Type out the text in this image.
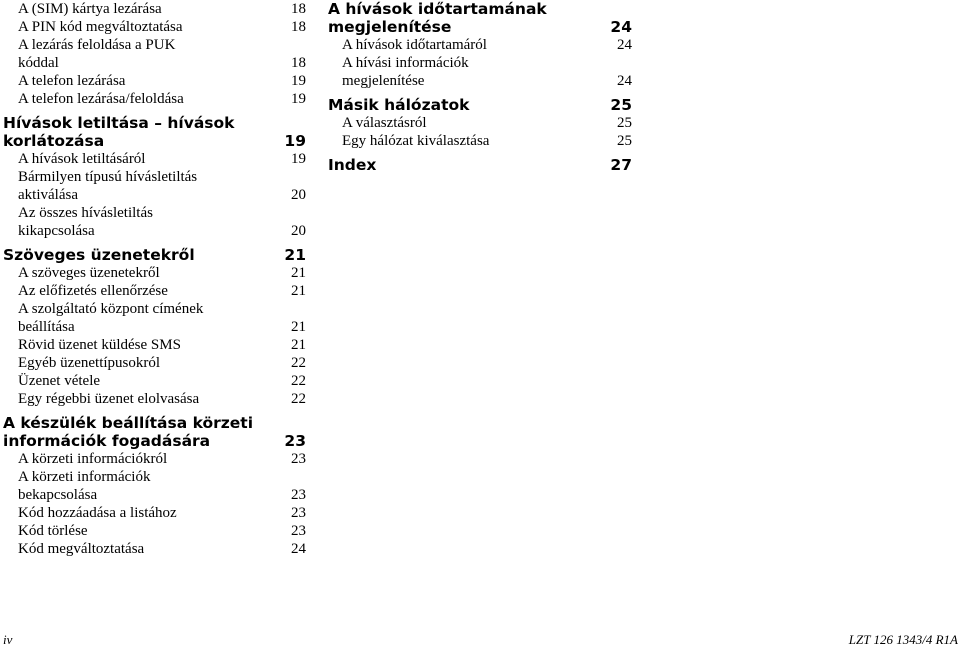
A (SIM) kártya lezárása	18
A PIN kód megváltoztatása	18
A lezárás feloldása a PUK
kóddal	18
A telefon lezárása	19
A telefon lezárása/feloldása	19
Hívások letiltása – hívások
korlátozása	19
A hívások letiltásáról	19
Bármilyen típusú hívásletiltás
aktiválása	20
Az összes hívásletiltás
kikapcsolása	20
Szöveges üzenetekről	21
A szöveges üzenetekről	21
Az előfizetés ellenőrzése	21
A szolgáltató központ címének
beállítása	21
Rövid üzenet küldése SMS	21
Egyéb üzenettípusokról	22
Üzenet vétele	22
Egy régebbi üzenet elolvasása	22
A készülék beállítása körzeti
információk fogadására	23
A körzeti információkról	23
A körzeti információk
bekapcsolása	23
Kód hozzáadása a listához	23
Kód törlése	23
Kód megváltoztatása	24
A hívások időtartamának
megjelenítése	24
A hívások időtartamáról	24
A hívási információk
megjelenítése	24
Másik hálózatok	25
A választásról	25
Egy hálózat kiválasztása	25
Index	27
iv	LZT 126 1343/4 R1A
